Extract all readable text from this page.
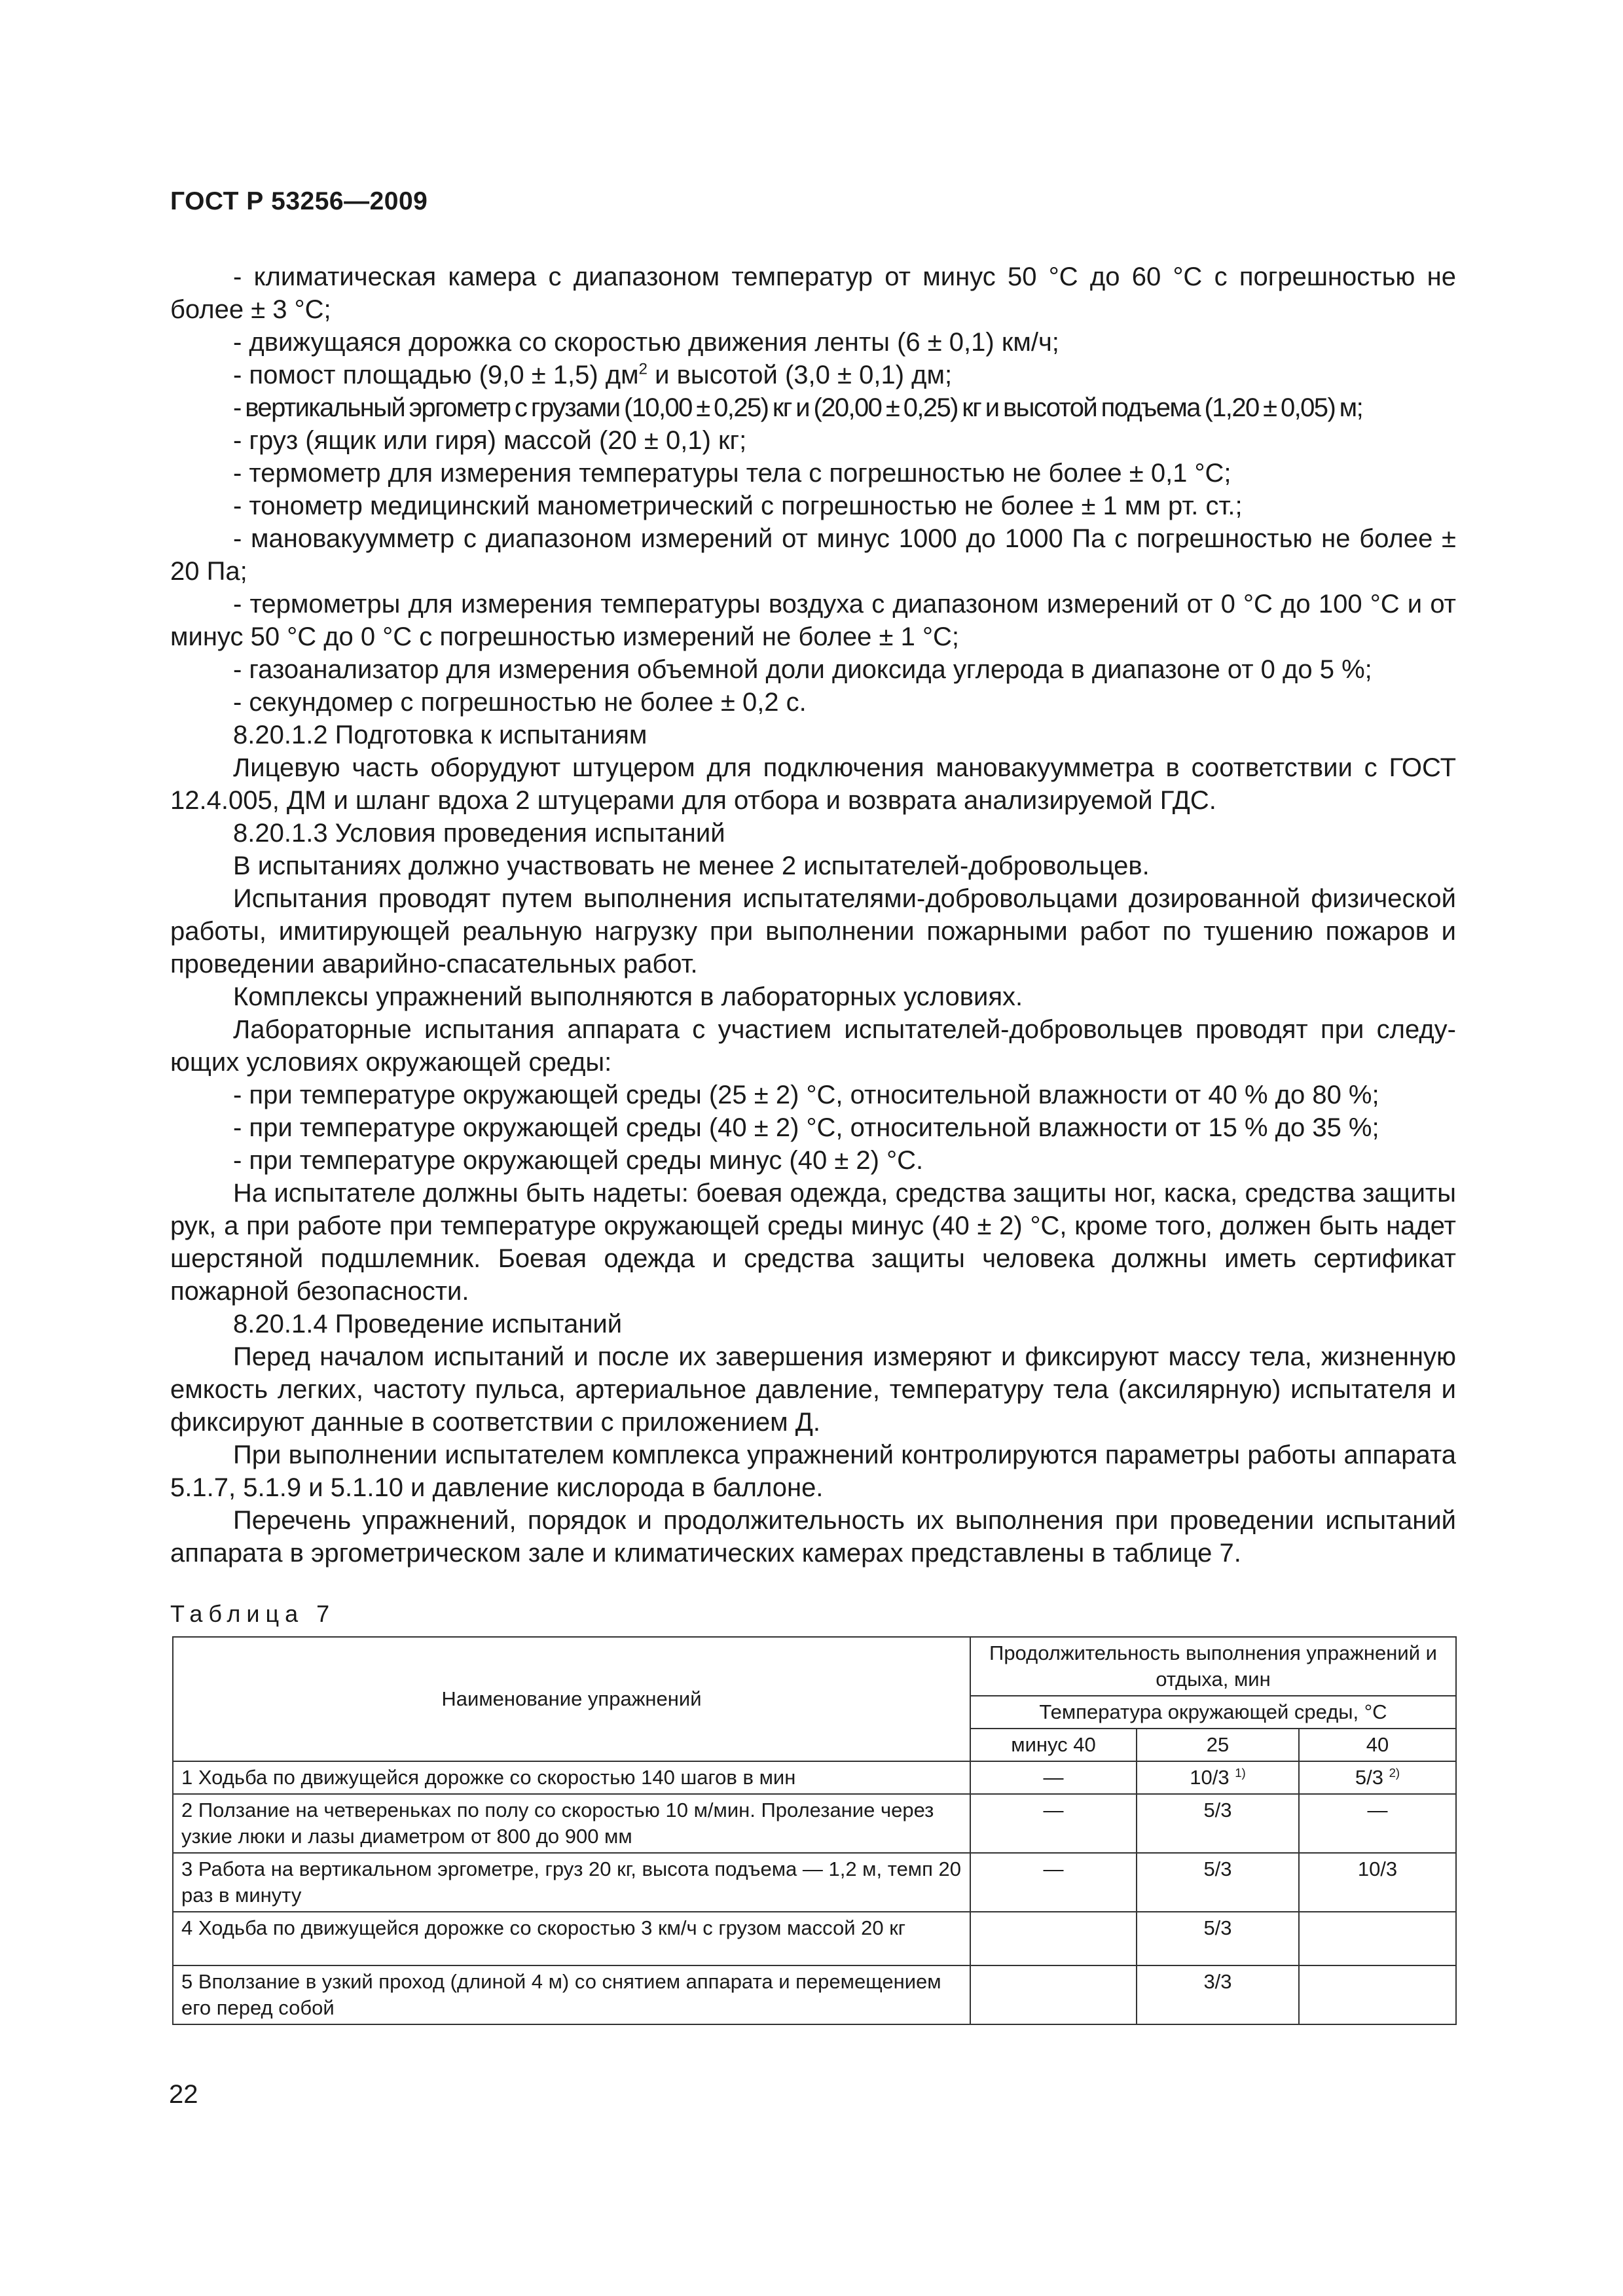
ГОСТ Р 53256—2009

- климатическая камера с диапазоном температур от минус 50 °С до 60 °С с погрешностью не более ± 3 °С;

- движущаяся дорожка со скоростью движения ленты (6 ± 0,1) км/ч;

- помост площадью (9,0 ± 1,5) $дм^2$ и высотой (3,0 ± 0,1) дм;

- вертикальный эргометр с грузами (10,00 ± 0,25) кг и (20,00 ± 0,25) кг и высотой подъема (1,20 ± 0,05) м;

- груз (ящик или гиря) массой (20 ± 0,1) кг;

- термометр для измерения температуры тела с погрешностью не более ± 0,1 °С;

- тонометр медицинский манометрический с погрешностью не более ± 1 мм рт. ст.;

- мановакуумметр с диапазоном измерений от минус 1000 до 1000 Па с погрешностью не более ± 20 Па;

- термометры для измерения температуры воздуха с диапазоном измерений от 0 °С до 100 °С и от минус 50 °С до 0 °С с погрешностью измерений не более ± 1 °С;

- газоанализатор для измерения объемной доли диоксида углерода в диапазоне от 0 до 5 %;

- секундомер с погрешностью не более ± 0,2 с.

8.20.1.2 Подготовка к испытаниям

Лицевую часть оборудуют штуцером для подключения мановакуумметра в соответствии с ГОСТ 12.4.005, ДМ и шланг вдоха 2 штуцерами для отбора и возврата анализируемой ГДС.

8.20.1.3 Условия проведения испытаний

В испытаниях должно участвовать не менее 2 испытателей-добровольцев.

Испытания проводят путем выполнения испытателями-добровольцами дозированной физической работы, имитирующей реальную нагрузку при выполнении пожарными работ по тушению пожаров и проведении аварийно-спасательных работ.

Комплексы упражнений выполняются в лабораторных условиях.

Лабораторные испытания аппарата с участием испытателей-добровольцев проводят при следующих условиях окружающей среды:

- при температуре окружающей среды (25 ± 2) °С, относительной влажности от 40 % до 80 %;

- при температуре окружающей среды (40 ± 2) °С, относительной влажности от 15 % до 35 %;

- при температуре окружающей среды минус (40 ± 2) °С.

На испытателе должны быть надеты: боевая одежда, средства защиты ног, каска, средства защиты рук, а при работе при температуре окружающей среды минус (40 ± 2) °С, кроме того, должен быть надет шерстяной подшлемник. Боевая одежда и средства защиты человека должны иметь сертификат пожарной безопасности.

8.20.1.4 Проведение испытаний

Перед началом испытаний и после их завершения измеряют и фиксируют массу тела, жизненную емкость легких, частоту пульса, артериальное давление, температуру тела (аксилярную) испытателя и фиксируют данные в соответствии с приложением Д.

При выполнении испытателем комплекса упражнений контролируются параметры работы аппарата 5.1.7, 5.1.9 и 5.1.10 и давление кислорода в баллоне.

Перечень упражнений, порядок и продолжительность их выполнения при проведении испытаний аппарата в эргометрическом зале и климатических камерах представлены в таблице 7.

Таблица 7
Наименование упражнений	Продолжительность выполнения упражнений и отдыха, мин		
	Температура окружающей среды, °С		
	минус 40	25	40
1 Ходьба по движущейся дорожке со скоростью 140 шагов в мин	—	10/3 $^{1)}$	5/3 $^{2)}$
2 Ползание на четвереньках по полу со скоростью 10 м/мин. Пролезание через узкие люки и лазы диаметром от 800 до 900 мм	—	5/3	—
3 Работа на вертикальном эргометре, груз 20 кг, высота подъема — 1,2 м, темп 20 раз в минуту	—	5/3	10/3
4 Ходьба по движущейся дорожке со скоростью 3 км/ч с грузом массой 20 кг		5/3	
5 Вползание в узкий проход (длиной 4 м) со снятием аппарата и перемещением его перед собой		3/3	
22
